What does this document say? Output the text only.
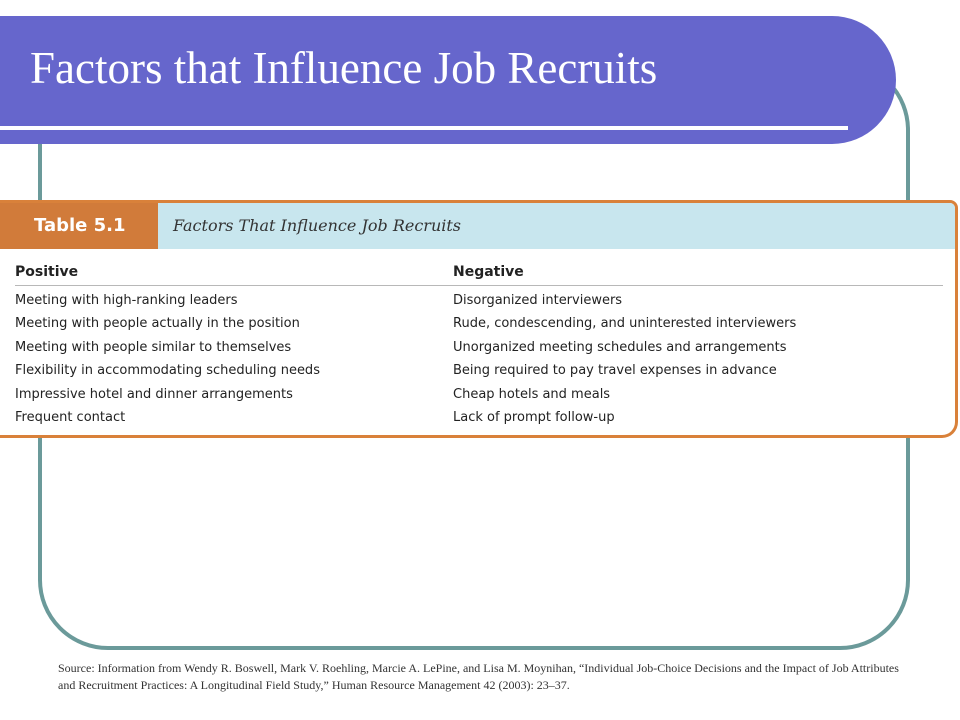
Factors that Influence Job Recruits
Table 5.1	Factors That Influence Job Recruits
Positive	Negative
Meeting with high-ranking leaders	Disorganized interviewers
Meeting with people actually in the position	Rude, condescending, and uninterested interviewers
Meeting with people similar to themselves	Unorganized meeting schedules and arrangements
Flexibility in accommodating scheduling needs	Being required to pay travel expenses in advance
Impressive hotel and dinner arrangements	Cheap hotels and meals
Frequent contact	Lack of prompt follow-up

Source: Information from Wendy R. Boswell, Mark V. Roehling, Marcie A. LePine, and Lisa M. Moynihan, “Individual Job-Choice Decisions and the Impact of Job Attributes and Recruitment Practices: A Longitudinal Field Study,” Human Resource Management 42 (2003): 23–37.
